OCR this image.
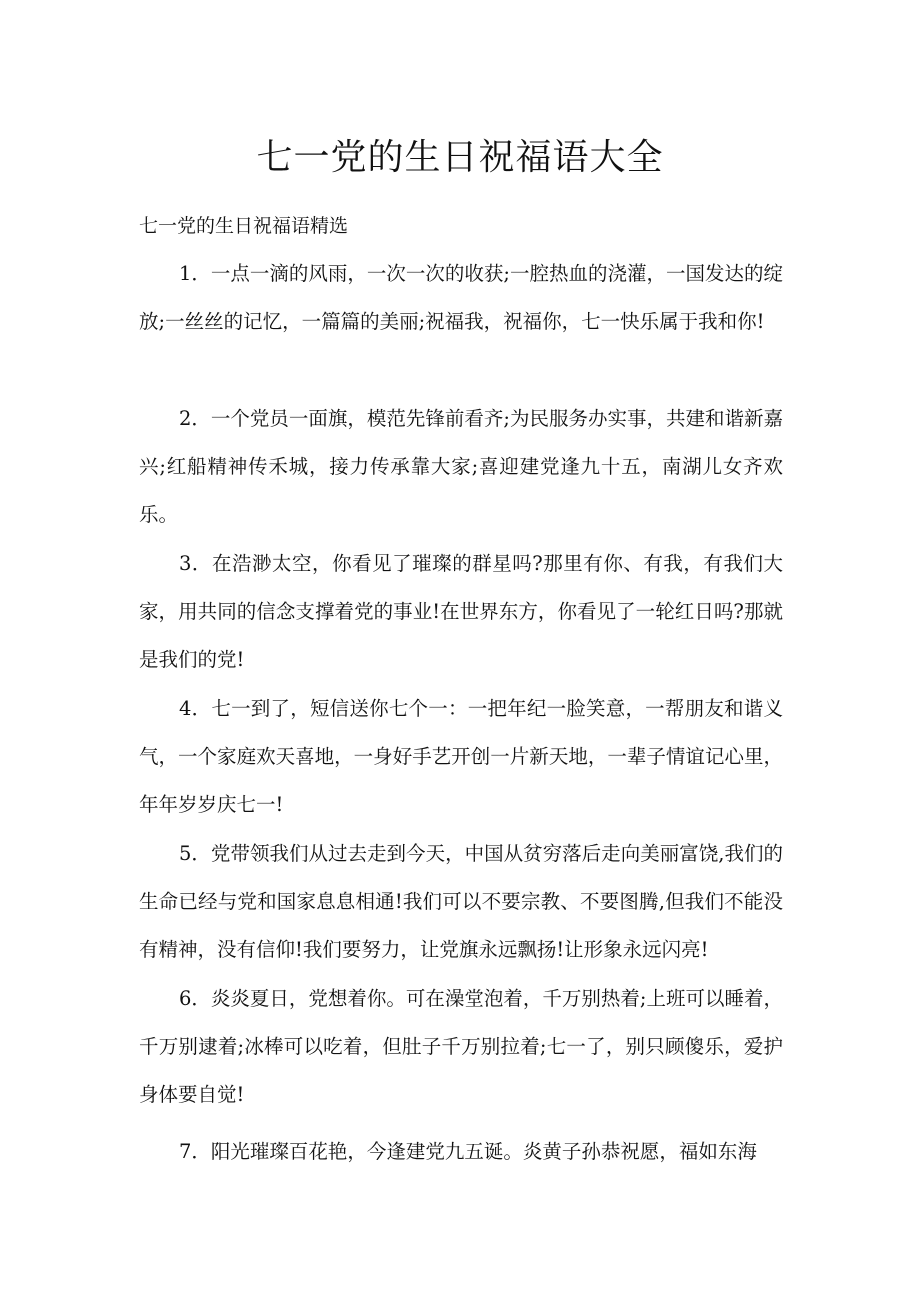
七一党的生日祝福语大全
七一党的生日祝福语精选

1．一点一滴的风雨，一次一次的收获;一腔热血的浇灌，一国发达的绽放;一丝丝的记忆，一篇篇的美丽;祝福我，祝福你，七一快乐属于我和你!

2．一个党员一面旗，模范先锋前看齐;为民服务办实事，共建和谐新嘉兴;红船精神传禾城，接力传承靠大家;喜迎建党逢九十五，南湖儿女齐欢乐。

3．在浩渺太空，你看见了璀璨的群星吗?那里有你、有我，有我们大家，用共同的信念支撑着党的事业!在世界东方，你看见了一轮红日吗?那就是我们的党!

4．七一到了，短信送你七个一：一把年纪一脸笑意，一帮朋友和谐义气，一个家庭欢天喜地，一身好手艺开创一片新天地，一辈子情谊记心里，年年岁岁庆七一!

5．党带领我们从过去走到今天，中国从贫穷落后走向美丽富饶,我们的生命已经与党和国家息息相通!我们可以不要宗教、不要图腾,但我们不能没有精神，没有信仰!我们要努力，让党旗永远飘扬!让形象永远闪亮!

6．炎炎夏日，党想着你。可在澡堂泡着，千万别热着;上班可以睡着，千万别逮着;冰棒可以吃着，但肚子千万别拉着;七一了，别只顾傻乐，爱护身体要自觉!

7．阳光璀璨百花艳，今逢建党九五诞。炎黄子孙恭祝愿，福如东海
